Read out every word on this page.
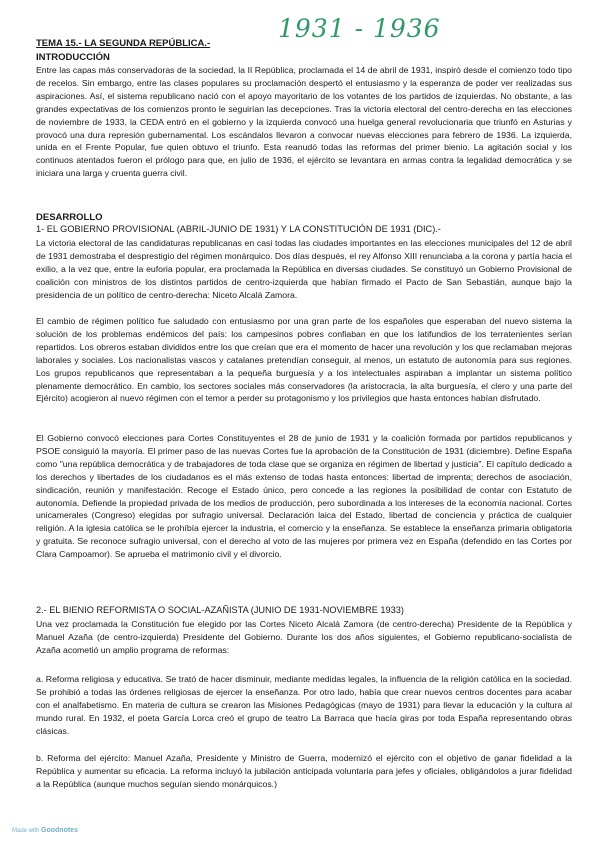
1931 - 1936
TEMA 15.- LA SEGUNDA REPÚBLICA.-
INTRODUCCIÓN

Entre las capas más conservadoras de la sociedad, la II República, proclamada el 14 de abril de 1931, inspiró desde el comienzo todo tipo de recelos. Sin embargo, entre las clases populares su proclamación despertó el entusiasmo y la esperanza de poder ver realizadas sus aspiraciones. Así, el sistema republicano nació con el apoyo mayoritario de los votantes de los partidos de izquierdas. No obstante, a las grandes expectativas de los comienzos pronto le seguirían las decepciones. Tras la victoria electoral del centro-derecha en las elecciones de noviembre de 1933, la CEDA entró en el gobierno y la izquierda convocó una huelga general revolucionaria que triunfó en Asturias y provocó una dura represión gubernamental. Los escándalos llevaron a convocar nuevas elecciones para febrero de 1936. La izquierda, unida en el Frente Popular, fue quien obtuvo el triunfo. Esta reanudó todas las reformas del primer bienio. La agitación social y los continuos atentados fueron el prólogo para que, en julio de 1936, el ejército se levantara en armas contra la legalidad democrática y se iniciara una larga y cruenta guerra civil.

DESARROLLO
1- EL GOBIERNO PROVISIONAL (ABRIL-JUNIO DE 1931) Y LA CONSTITUCIÓN DE 1931 (DIC).-

La victoria electoral de las candidaturas republicanas en casi todas las ciudades importantes en las elecciones municipales del 12 de abril de 1931 demostraba el desprestigio del régimen monárquico. Dos días después, el rey Alfonso XIII renunciaba a la corona y partía hacia el exilio, a la vez que, entre la euforia popular, era proclamada la República en diversas ciudades. Se constituyó un Gobierno Provisional de coalición con ministros de los distintos partidos de centro-izquierda que habían firmado el Pacto de San Sebastián, aunque bajo la presidencia de un político de centro-derecha: Niceto Alcalá Zamora.

El cambio de régimen político fue saludado con entusiasmo por una gran parte de los españoles que esperaban del nuevo sistema la solución de los problemas endémicos del país: los campesinos pobres confiaban en que los latifundios de los terratenientes serían repartidos. Los obreros estaban divididos entre los que creían que era el momento de hacer una revolución y los que reclamaban mejoras laborales y sociales. Los nacionalistas vascos y catalanes pretendían conseguir, al menos, un estatuto de autonomía para sus regiones. Los grupos republicanos que representaban a la pequeña burguesía y a los intelectuales aspiraban a implantar un sistema político plenamente democrático. En cambio, los sectores sociales más conservadores (la aristocracia, la alta burguesía, el clero y una parte del Ejército) acogieron al nuevo régimen con el temor a perder su protagonismo y los privilegios que hasta entonces habían disfrutado.

El Gobierno convocó elecciones para Cortes Constituyentes el 28 de junio de 1931 y la coalición formada por partidos republicanos y PSOE consiguió la mayoría. El primer paso de las nuevas Cortes fue la aprobación de la Constitución de 1931 (diciembre). Define España como "una república democrática y de trabajadores de toda clase que se organiza en régimen de libertad y justicia". El capítulo dedicado a los derechos y libertades de los ciudadanos es el más extenso de todas hasta entonces: libertad de imprenta; derechos de asociación, sindicación, reunión y manifestación. Recoge el Estado único, pero concede a las regiones la posibilidad de contar con Estatuto de autonomía. Defiende la propiedad privada de los medios de producción, pero subordinada a los intereses de la economía nacional. Cortes unicamerales (Congreso) elegidas por sufragio universal. Declaración laica del Estado, libertad de conciencia y práctica de cualquier religión. A la iglesia católica se le prohíbía ejercer la industria, el comercio y la enseñanza. Se establece la enseñanza primaria obligatoria y gratuita. Se reconoce sufragio universal, con el derecho al voto de las mujeres por primera vez en España (defendido en las Cortes por Clara Campoamor). Se aprueba el matrimonio civil y el divorcio.

2.- EL BIENIO REFORMISTA O SOCIAL-AZAÑISTA (JUNIO DE 1931-NOVIEMBRE 1933)

Una vez proclamada la Constitución fue elegido por las Cortes Niceto Alcalá Zamora (de centro-derecha) Presidente de la República y Manuel Azaña (de centro-izquierda) Presidente del Gobierno. Durante los dos años siguientes, el Gobierno republicano-socialista de Azaña acometió un amplio programa de reformas:

a. Reforma religiosa y educativa. Se trató de hacer disminuir, mediante medidas legales, la influencia de la religión católica en la sociedad. Se prohibió a todas las órdenes religiosas de ejercer la enseñanza. Por otro lado, había que crear nuevos centros docentes para acabar con el analfabetismo. En materia de cultura se crearon las Misiones Pedagógicas (mayo de 1931) para llevar la educación y la cultura al mundo rural. En 1932, el poeta García Lorca creó el grupo de teatro La Barraca que hacía giras por toda España representando obras clásicas.

b. Reforma del ejército: Manuel Azaña, Presidente y Ministro de Guerra, modernizó el ejército con el objetivo de ganar fidelidad a la República y aumentar su eficacia. La reforma incluyó la jubilación anticipada voluntaria para jefes y oficiales, obligándolos a jurar fidelidad a la República (aunque muchos seguían siendo monárquicos.)

Made with Goodnotes
